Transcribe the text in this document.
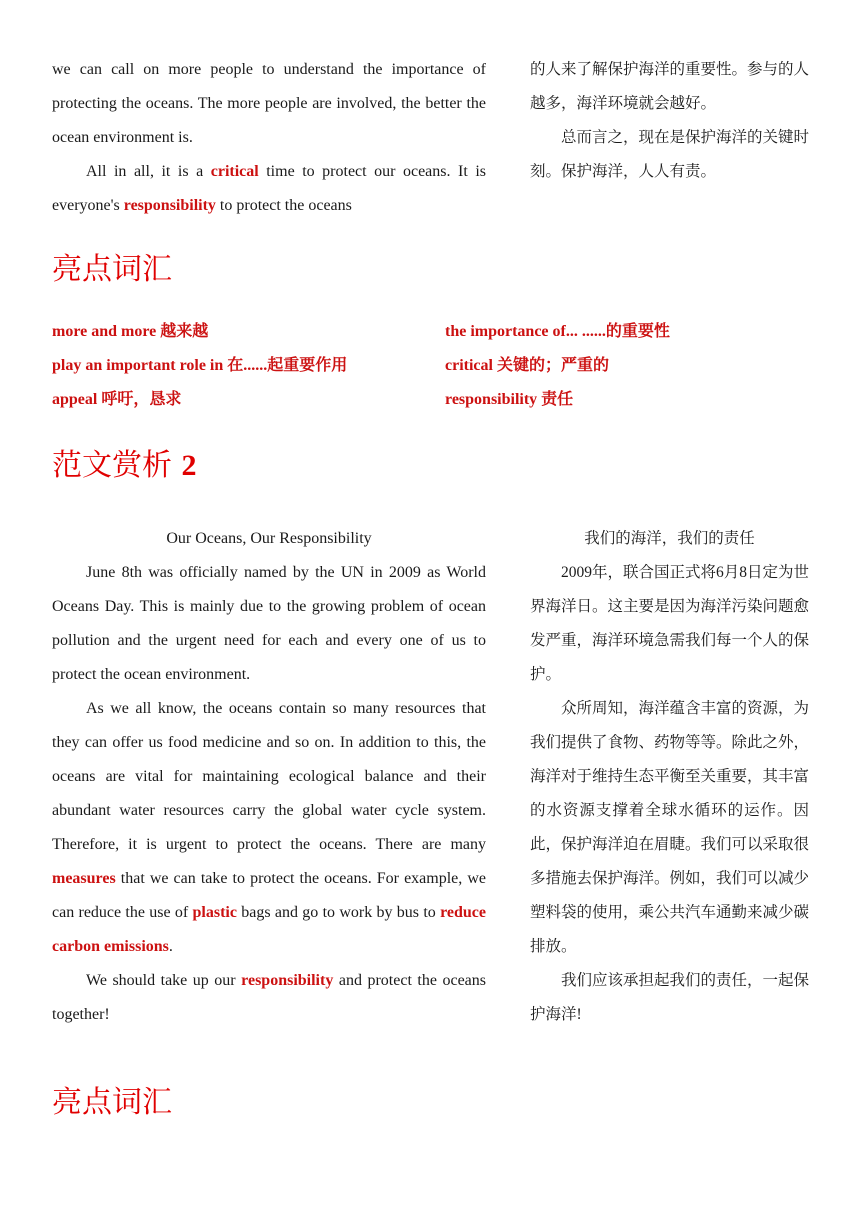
we can call on more people to understand the importance of protecting the oceans. The more people are involved, the better the ocean environment is.

All in all, it is a critical time to protect our oceans. It is everyone's responsibility to protect the oceans

的人来了解保护海洋的重要性。参与的人越多，海洋环境就会越好。

总而言之，现在是保护海洋的关键时刻。保护海洋，人人有责。

亮点词汇
more and more 越来越
play an important role in 在......起重要作用
appeal 呼吁，恳求
the importance of... ......的重要性
critical 关键的；严重的
responsibility 责任
范文赏析 2
Our Oceans, Our Responsibility

June 8th was officially named by the UN in 2009 as World Oceans Day. This is mainly due to the growing problem of ocean pollution and the urgent need for each and every one of us to protect the ocean environment.

As we all know, the oceans contain so many resources that they can offer us food medicine and so on. In addition to this, the oceans are vital for maintaining ecological balance and their abundant water resources carry the global water cycle system. Therefore, it is urgent to protect the oceans. There are many measures that we can take to protect the oceans. For example, we can reduce the use of plastic bags and go to work by bus to reduce carbon emissions.

We should take up our responsibility and protect the oceans together!

我们的海洋，我们的责任

2009年，联合国正式将6月8日定为世界海洋日。这主要是因为海洋污染问题愈发严重，海洋环境急需我们每一个人的保护。

众所周知，海洋蕴含丰富的资源，为我们提供了食物、药物等等。除此之外，海洋对于维持生态平衡至关重要，其丰富的水资源支撑着全球水循环的运作。因此，保护海洋迫在眉睫。我们可以采取很多措施去保护海洋。例如，我们可以减少塑料袋的使用，乘公共汽车通勤来减少碳排放。

我们应该承担起我们的责任，一起保护海洋!

亮点词汇
